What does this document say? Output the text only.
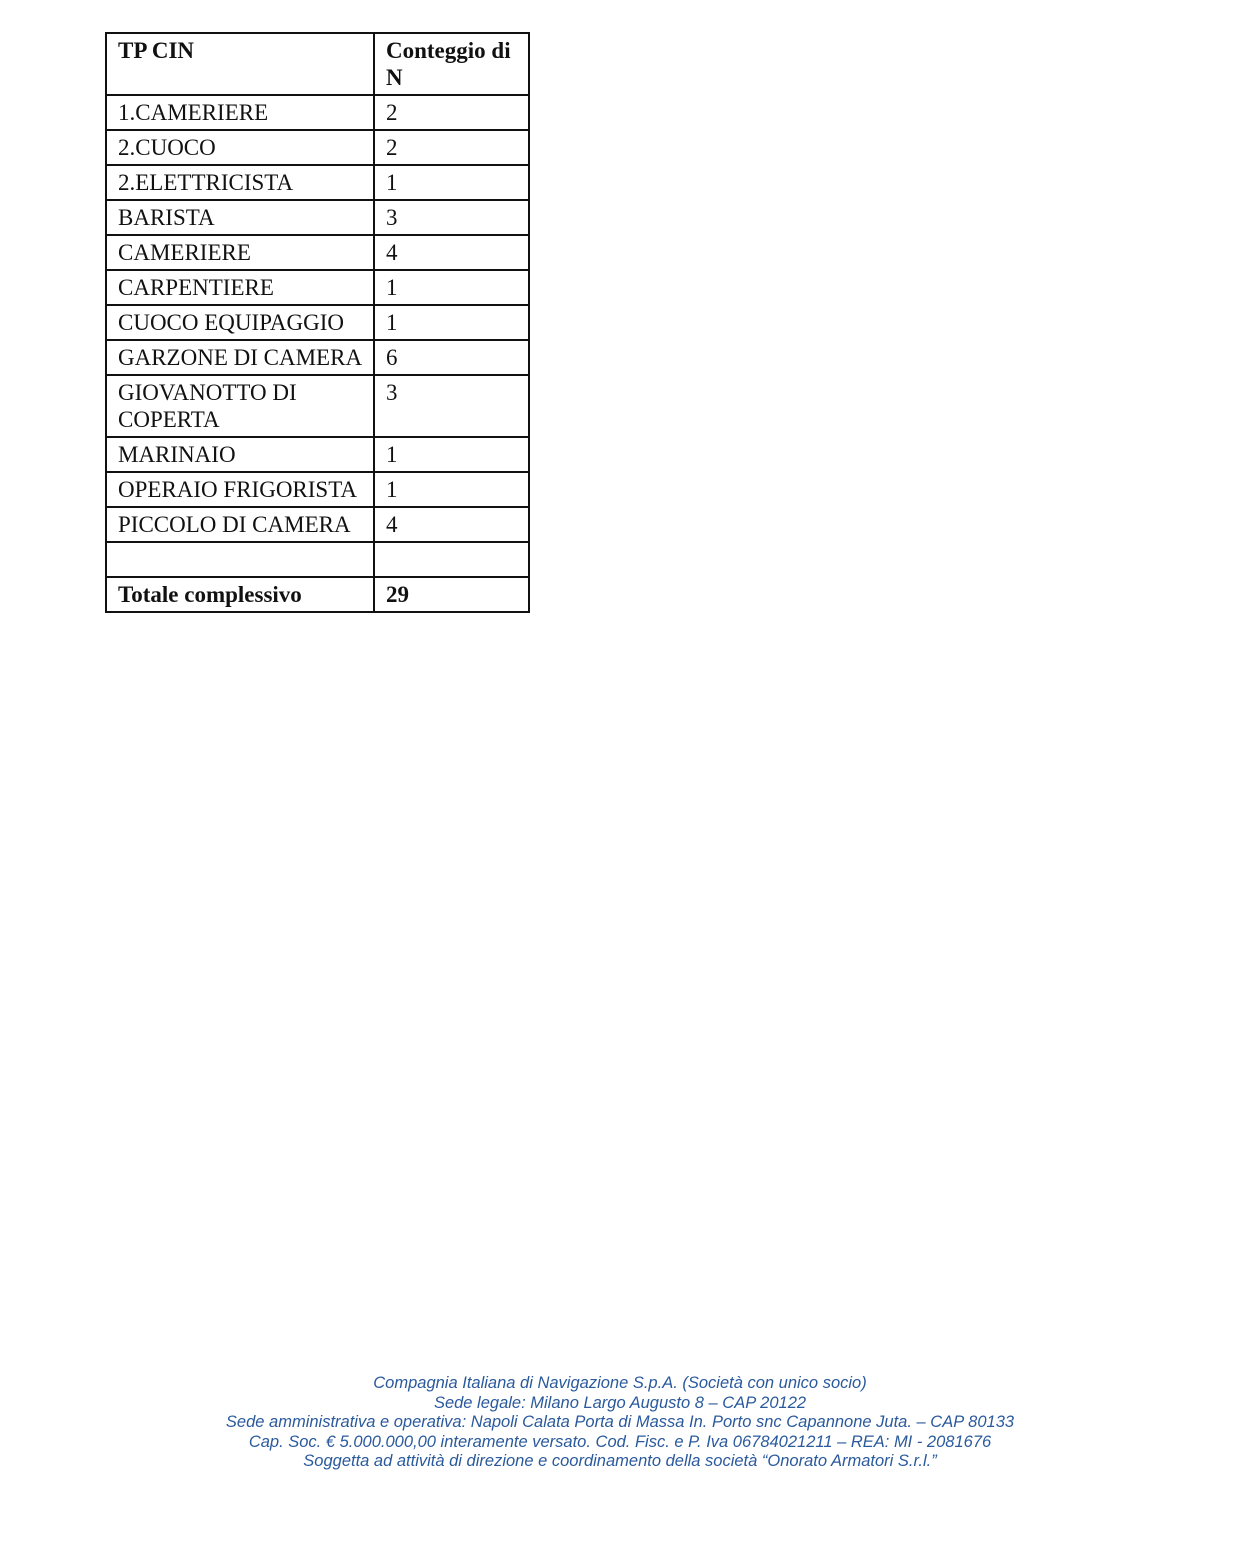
TP CIN	Conteggio di N
1.CAMERIERE	2
2.CUOCO	2
2.ELETTRICISTA	1
BARISTA	3
CAMERIERE	4
CARPENTIERE	1
CUOCO EQUIPAGGIO	1
GARZONE DI CAMERA	6
GIOVANOTTO DI COPERTA	3
MARINAIO	1
OPERAIO FRIGORISTA	1
PICCOLO DI CAMERA	4

Totale complessivo	29
Compagnia Italiana di Navigazione S.p.A. (Società con unico socio)
Sede legale: Milano Largo Augusto 8 – CAP 20122
Sede amministrativa e operativa: Napoli Calata Porta di Massa In. Porto snc Capannone Juta. – CAP 80133
Cap. Soc. € 5.000.000,00 interamente versato. Cod. Fisc. e P. Iva 06784021211 – REA: MI - 2081676
Soggetta ad attività di direzione e coordinamento della società “Onorato Armatori S.r.l.”
